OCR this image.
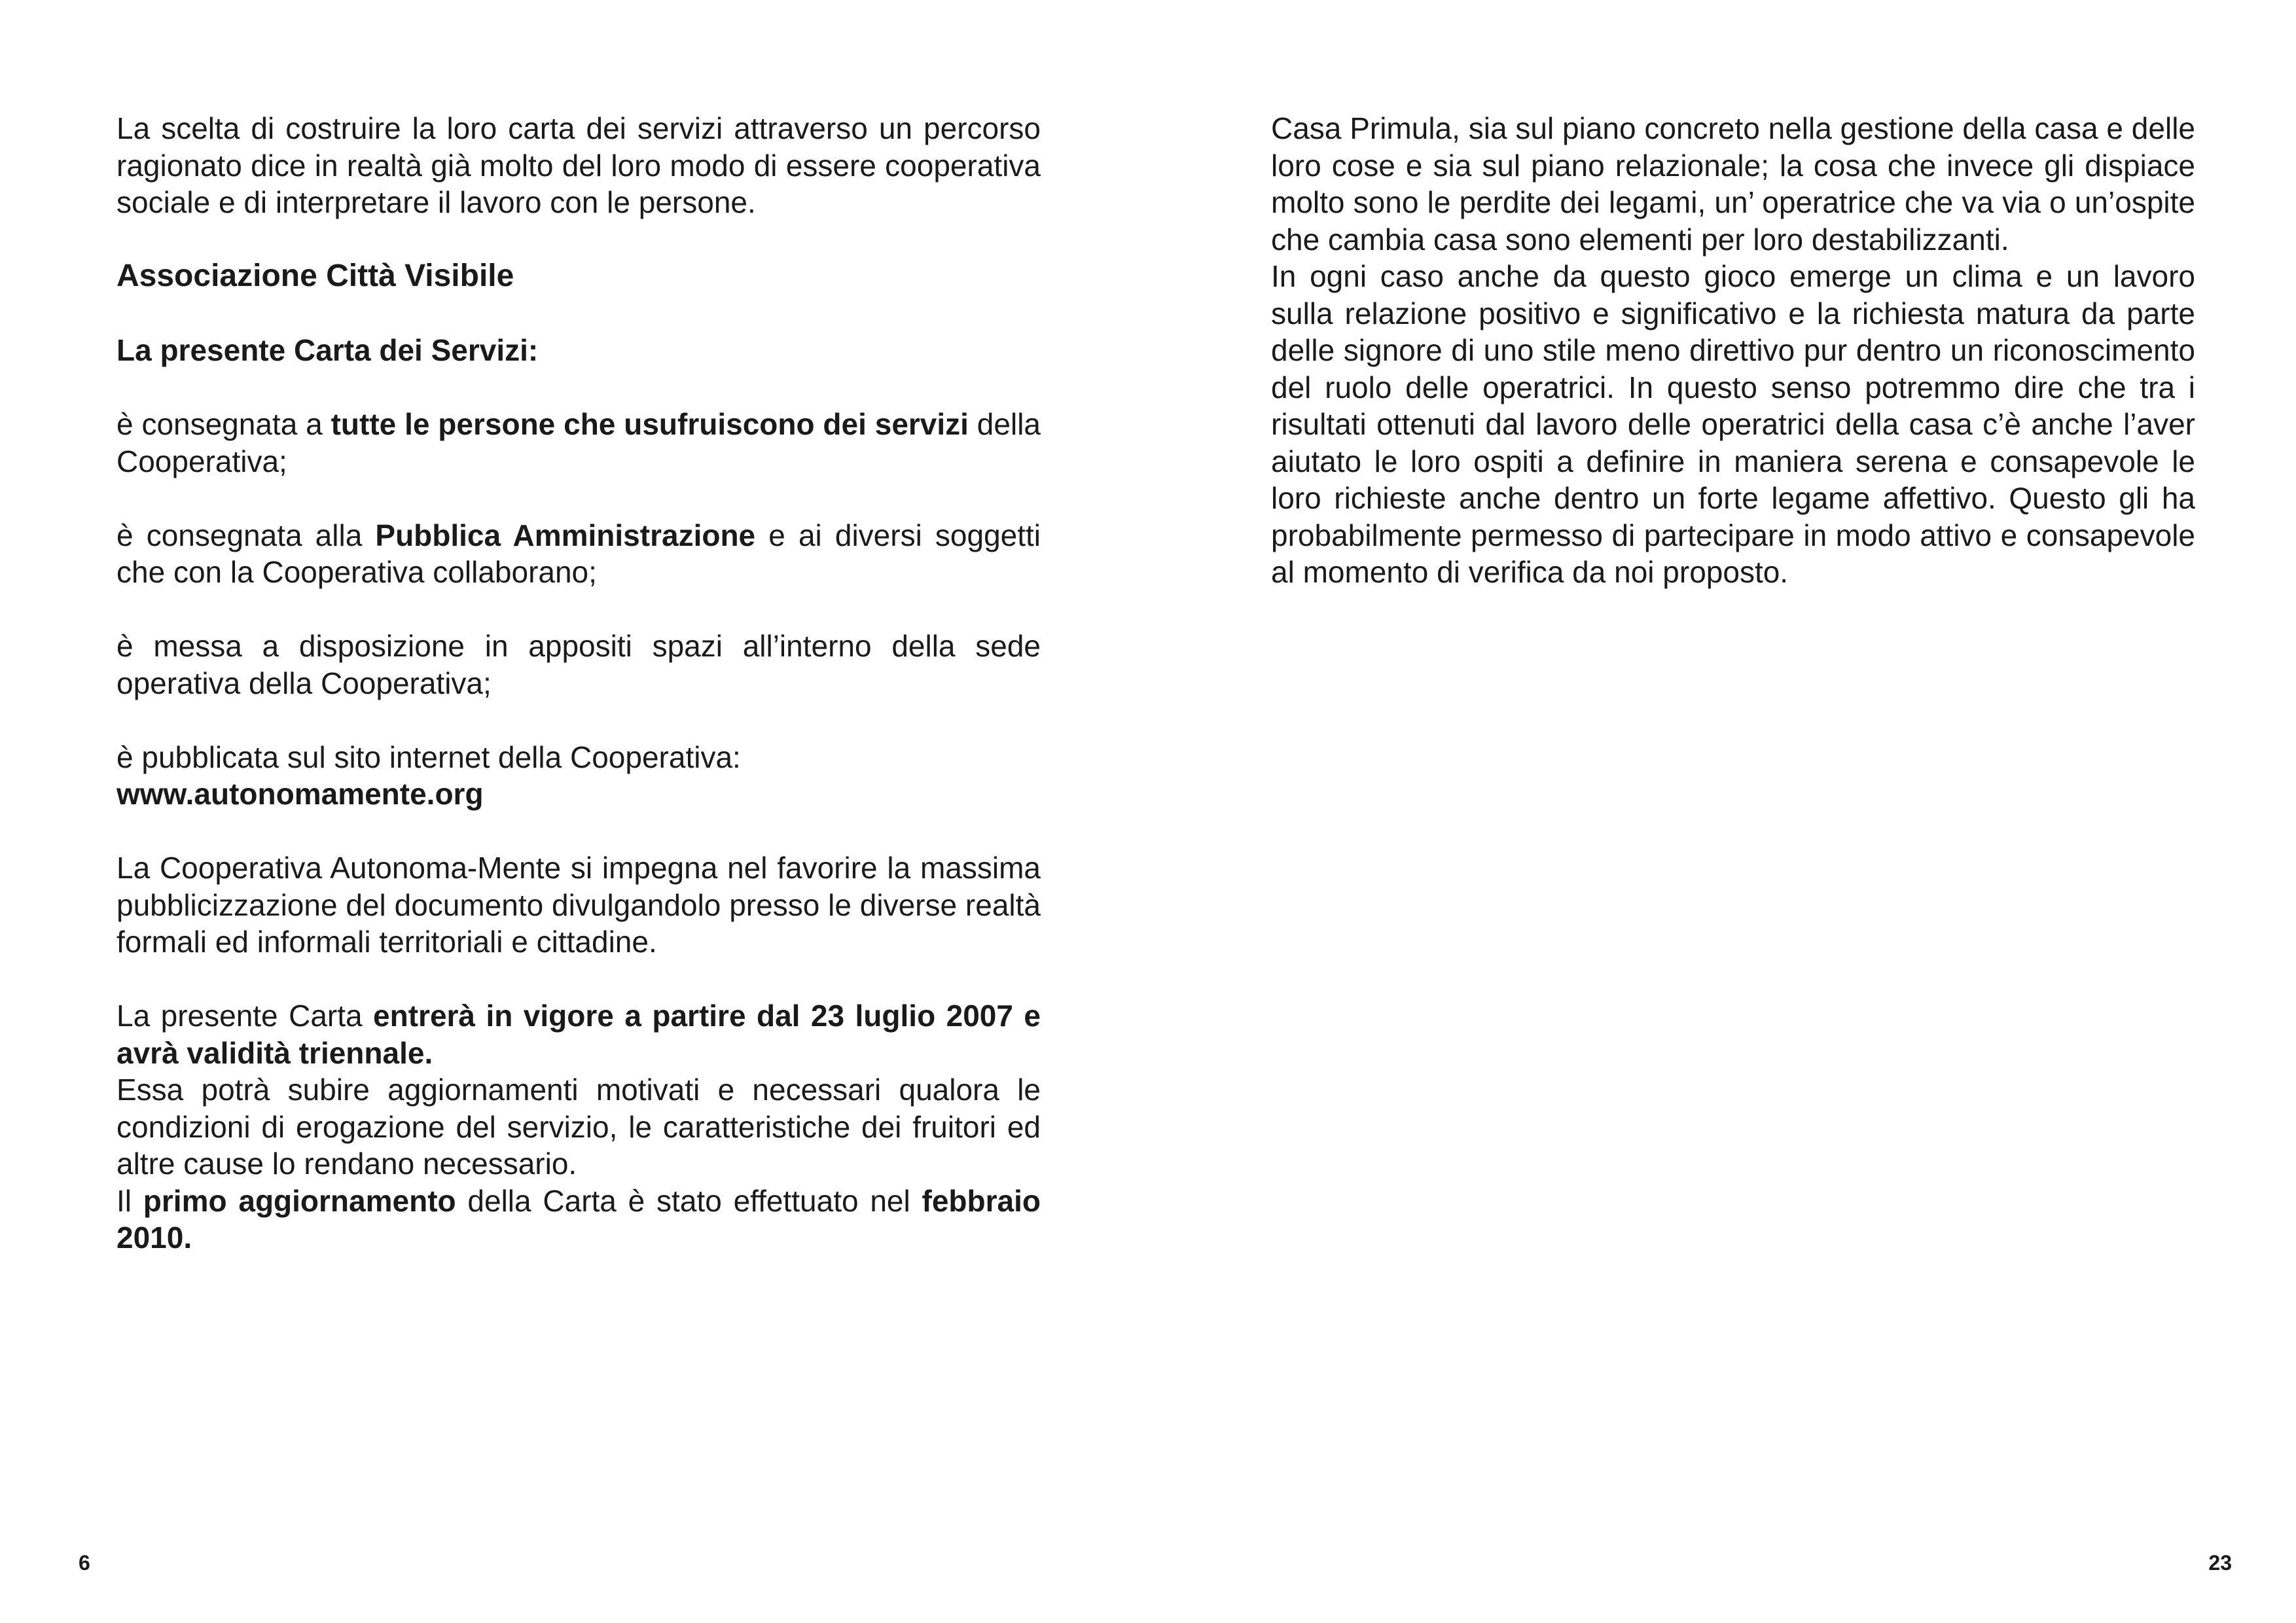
La scelta di costruire la loro carta dei servizi attraverso un percorso ragionato dice in realtà già molto del loro modo di essere cooperativa sociale e di interpretare il lavoro con le persone.

Associazione Città Visibile

La presente Carta dei Servizi:

è consegnata a tutte le persone che usufruiscono dei servizi della Cooperativa;

è consegnata alla Pubblica Amministrazione e ai diversi soggetti che con la Cooperativa collaborano;

è messa a disposizione in appositi spazi all’interno della sede operativa della Cooperativa;

è pubblicata sul sito internet della Cooperativa:
www.autonomamente.org

La Cooperativa Autonoma-Mente si impegna nel favorire la massima pubblicizzazione del documento divulgandolo presso le diverse realtà formali ed informali territoriali e cittadine.

La presente Carta entrerà in vigore a partire dal 23 luglio 2007 e avrà validità triennale.

Essa potrà subire aggiornamenti motivati e necessari qualora le condizioni di erogazione del servizio, le caratteristiche dei fruitori ed altre cause lo rendano necessario.

Il primo aggiornamento della Carta è stato effettuato nel febbraio 2010.

Casa Primula, sia sul piano concreto nella gestione della casa e delle loro cose e sia sul piano relazionale; la cosa che invece gli dispiace molto sono le perdite dei legami, un’ operatrice che va via o un’ospite che cambia casa sono elementi per loro destabilizzanti.

In ogni caso anche da questo gioco emerge un clima e un lavoro sulla relazione positivo e significativo e la richiesta matura da parte delle signore di uno stile meno direttivo pur dentro un riconoscimento del ruolo delle operatrici. In questo senso potremmo dire che tra i risultati ottenuti dal lavoro delle operatrici della casa c’è anche l’aver aiutato le loro ospiti a definire in maniera serena e consapevole le loro richieste anche dentro un forte legame affettivo. Questo gli ha probabilmente permesso di partecipare in modo attivo e consapevole al momento di verifica da noi proposto.

6	23
